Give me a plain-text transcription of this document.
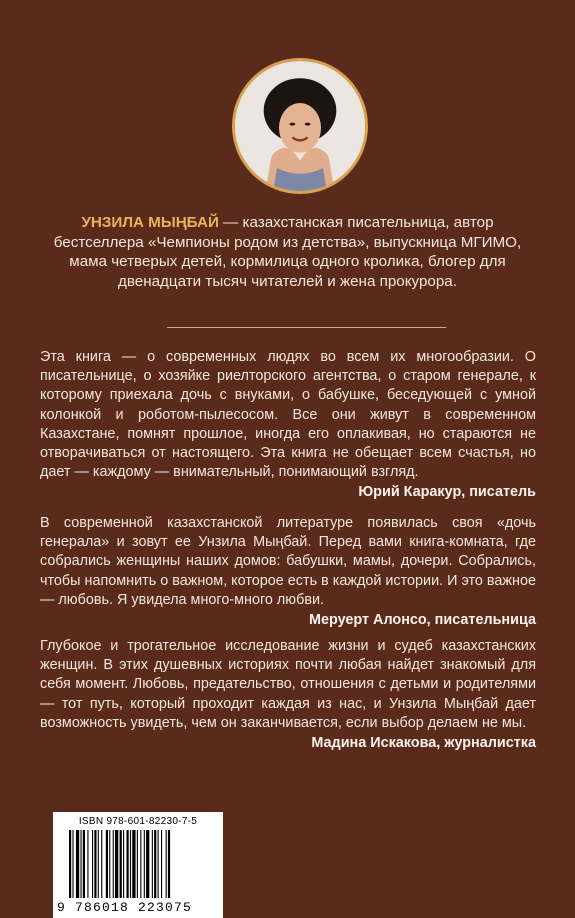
УНЗИЛА МЫҢБАЙ — казахстанская писательница, автор бестселлера «Чемпионы родом из детства», выпускница МГИМО, мама четверых детей, кормилица одного кролика, блогер для двенадцати тысяч читателей и жена прокурора.
Эта книга — о современных людях во всем их многообразии. О писательнице, о хозяйке риелторского агентства, о старом генерале, к которому приехала дочь с внуками, о бабушке, беседующей с умной колонкой и роботом-пылесосом. Все они живут в современном Казахстане, помнят прошлое, иногда его оплакивая, но стараются не отворачиваться от настоящего. Эта книга не обещает всем счастья, но дает — каждому — внимательный, понимающий взгляд.
Юрий Каракур, писатель
В современной казахстанской литературе появилась своя «дочь генерала» и зовут ее Унзила Мыңбай. Перед вами книга-комната, где собрались женщины наших домов: бабушки, мамы, дочери. Собрались, чтобы напомнить о важном, которое есть в каждой истории. И это важное — любовь. Я увидела много-много любви.
Меруерт Алонсо, писательница
Глубокое и трогательное исследование жизни и судеб казахстанских женщин. В этих душевных историях почти любая найдет знакомый для себя момент. Любовь, предательство, отношения с детьми и родителями — тот путь, который проходит каждая из нас, и Унзила Мыңбай дает возможность увидеть, чем он заканчивается, если выбор делаем не мы.
Мадина Искакова, журналистка
ISBN 978-601-82230-7-5
9 786018 223075
